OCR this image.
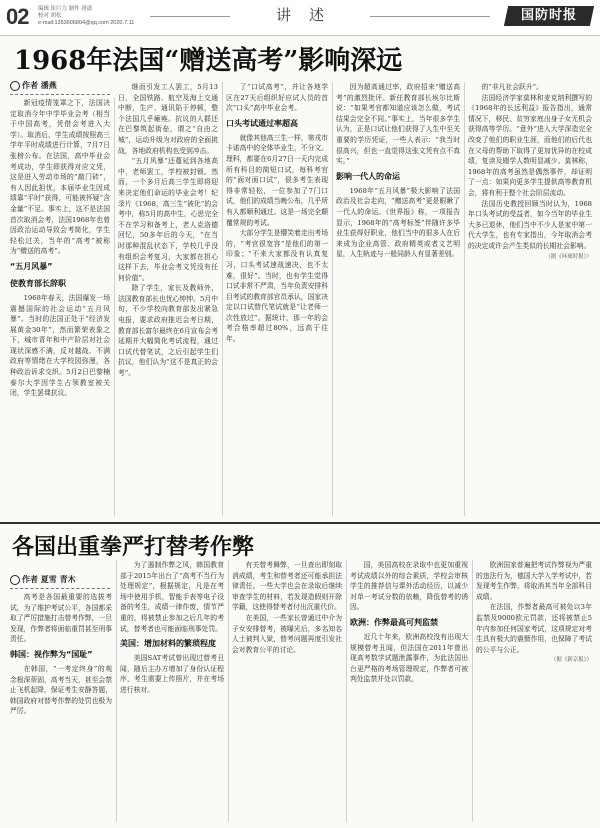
02 编辑 崔巨力 制作 唐潇
校对 胡松
e-mail:1353606804@qq.com 2020.7.11	讲述	国防时报
1968年法国“赠送高考”影响深远
作者 潘燕

新冠疫情笼罩之下，法国决定取消今年中学毕业会考（相当于中国高考，凭借会考进入大学）。取消后，学生成绩按照高三学年平时成绩进行计算，7月7日张榜公布。在法国，高中毕业会考成功，学生即获得对应文凭，这是进入劳动市场的“敲门砖”，有人因此担忧，本届毕业生因成绩靠“平时”获得，可能被怀疑“含金量”不足。事实上，这不是法国首次取消会考，法国1968年也曾因政治运动导致会考简化，学生轻松过关，当年的“高考”被称为“赠送的高考”。

“五月风暴”
使教育部长辞职

1968年春天，法国爆发一场震撼国际的社会运动“五月风暴”。当时的法国正处于“经济发展黄金30年”，然而繁荣表象之下，城市青年和中产阶层对社会现状深感不满，反对越战、不满政府等情绪在大学校园弥漫，各种政治诉求交织。5月2日巴黎楠泰尔大学因学生占领教室被关闭，学生罢课抗议。

继而引发工人罢工，5月13日，全国铁路、航空及海上交通中断，生产、通讯陷于停顿，整个法国几乎瘫痪。抗议的人群还在巴黎筑起街垒，谓之“自由之城”，运动升级为对政府的全面挑战，各地政府机构也受到冲击。

“五月风暴”还蔓延到各地高中，老师罢工，学校被封锁。然而，一个多月后高三学生即将迎来决定他们命运的毕业会考！纪录片《1968，高三生“被化”的会考中，称5月的高中生，心思完全不在学习和备考上，老人克洛德回忆，50多年后的今天，“在当时那种混乱状态下，学校几乎没有组织会考复习，大家都在担心这样下去，毕业会考文凭没有任何价值”。

除了学生，家长及教师外，法国教育部长也忧心忡忡。5月中旬，不少学校向教育部发出紧急电报，要求政府推迟会考日期，教育部长富尔最终在6月宣布会考延期并大幅简化考试流程，通过口试代替笔试，之后引起学生们抗议，他们认为“这不是真正的会考”。

了“口试高考”，并让各地学区在27天后组织好应试人员的首次“口头”高中毕业会考。

口头考试通过率超高

就像其他高三生一样，第戎市卡诺高中的全体毕业生，不分文、理科，都要在6月27日一天内完成所有科目的简短口试，每科考官的“面对面口试”，很多考生表现得非常轻松，一位参加了7门口试，他们的成绩当晚公布，几乎所有人都顺利通过。这是一场完全颠覆常规的考试。

大部分学生是懵笑着走出考场的，“考官很宽容”是他们的第一印象；“不来大家都没有认真复习，口头考试速战速决，也不太难，很好”。当时，也有学生觉得口试非常不严肃，当年负责安排科目考试的教育部官员承认，国家决定以口试替代笔试就是“让老师一次性放过”。据统计，那一年的会考合格率超过80%，远高于往年。

因为超高通过率，政府招来“赠送高考”的激烈批评。新任教育部长埃尔比斯说：“如果考官都知道应该怎么做，考试结果会完全不同。”事实上，当年很多学生认为，正是口试让他们获得了人生中至关重要的学历凭证，一些人表示：“我当时很高兴，但也一直觉得这张文凭有点不真实。”

影响一代人的命运

1968年“五月风暴”极大影响了法国政治及社会走向，“赠送高考”更是眼瞅了一代人的命运。《世界报》称，一项报告显示，1968年的“高考标签”伴随许多毕业生获得好职业，他们当中的很多人在后来成为企业高管、政府精英或者文艺明星，人生轨迹与一般同龄人有显著差别。

的“非凡社会跃升”。

法国经济学家莫林和麦克纳利撰写的《1968年的长远利益》报告指出，通常情况下，移民、贫穷家庭出身子女无机会获得高等学历。“意外”进入大学深造完全改变了他们的职业生涯，而他们的后代也在父母的帮助下取得了更加优异的在校成绩，复读及辍学人数明显减少。莫林称，1968年的高考虽然是偶然事件，却证明了一点：如果向更多学生提供高等教育机会，将有利于整个社会阶层流动。

法国历史教授回顾当时认为，1968年口头考试的受益者，如今当年的毕业生大多已退休，他们当中不少人是家中第一代大学生，也有专家指出，今年取消会考的决定或许会产生类似的长期社会影响。

（据《环球时报》）
各国出重拳严打替考作弊
作者 夏雪 青木

高考是各国最重要的选拔考试，为了维护考试公平，各国都采取了严厉措施打击替考作弊，一旦发现，作弊者将面临重罚甚至刑事责任。

韩国：视作弊为“国耻”

在韩国，“一考定终身”的观念根深蒂固，高考当天，甚至会禁止飞机起降，保证考生安静答题，韩国政府对替考作弊的处罚也极为严厉。

为了遏制作弊之风，韩国教育部于2015年出台了“高考不当行为处理规定”，根据规定，凡是在考场中使用手机、智能手表等电子设备的考生，成绩一律作废，情节严重的，将被禁止参加之后几年的考试，替考者也可能面临刑事处罚。

美国：增加材料的繁琐程度

美国SAT考试曾出现过替考丑闻，随后主办方增加了身份认证程序，考生需要上传照片，并在考场进行核对。

有关替考舞弊，一旦查出即刻取消成绩，考生和替考者还可能承担法律责任。一些大学也会在录取后继续审查学生的材料，若发现造假则开除学籍，这使得替考者付出沉重代价。

在美国，一些家长曾通过中介为子女安排替考，被曝光后，多名知名人士被判入狱，替考问题再度引发社会对教育公平的讨论。

国，美国高校在录取中也更加重视考试成绩以外的综合素质，学校会审核学生的推荐信与课外活动经历，以减少对单一考试分数的依赖，降低替考的诱因。

欧洲：作弊最高可判监禁

近几十年来，欧洲高校没有出现大规模替考丑闻，但法国在2011年曾出现高考数学试题泄露事件，为此法国出台更严格的考场管理规定，作弊者可被判处监禁并处以罚款。

欧洲国家普遍把考试作弊视为严重的违法行为，德国大学入学考试中，若发现考生作弊，将取消其当年全部科目成绩。

在法国，作弊者最高可被处以3年监禁及9000欧元罚款，还将被禁止5年内参加任何国家考试，这项规定对考生具有极大的震慑作用，也保障了考试的公平与公正。

（据《新京报》）
